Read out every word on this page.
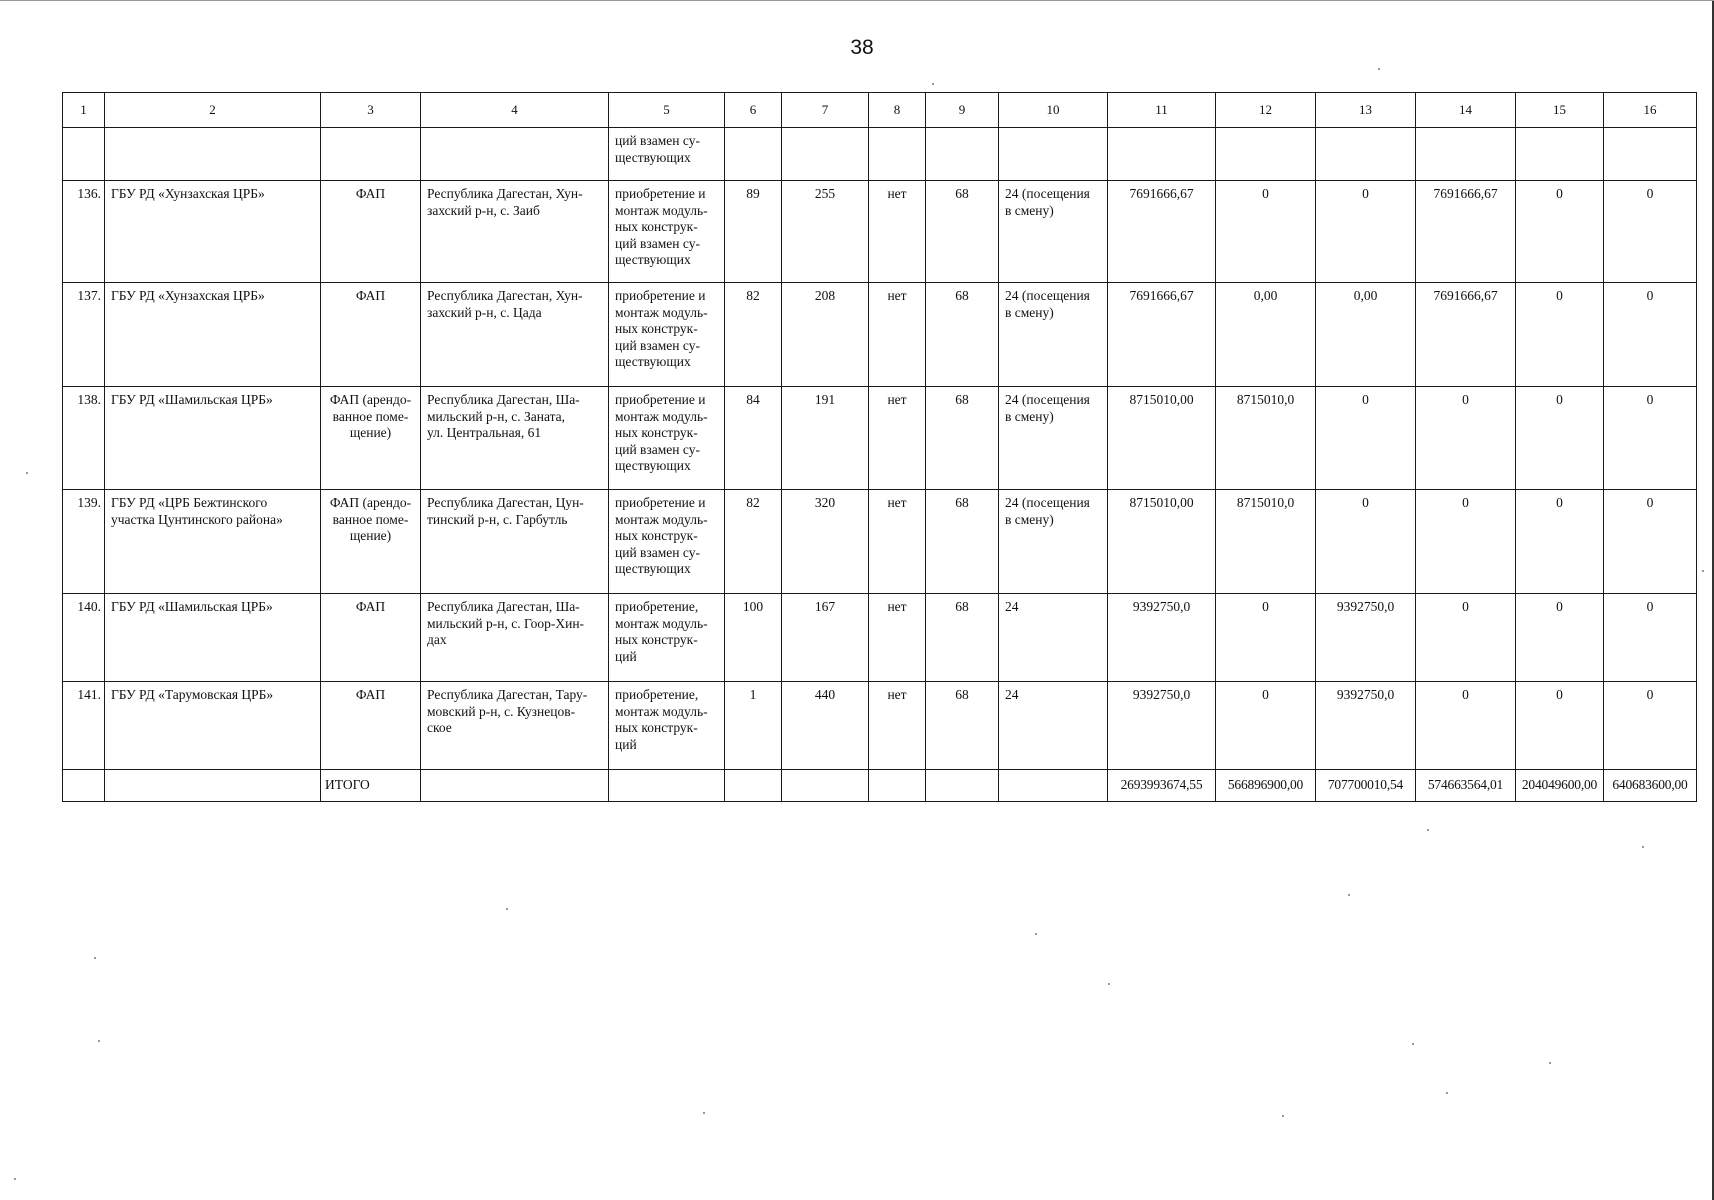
38
1	2	3	4	5	6	7	8	9	10	11	12	13	14	15	16
				ций взамен су-
ществующих											
136.	ГБУ РД «Хунзахская ЦРБ»	ФАП	Республика Дагестан, Хун-
захский р-н, с. Заиб	приобретение и
монтаж модуль-
ных конструк-
ций взамен су-
ществующих	89	255	нет	68	24 (посещения
в смену)	7691666,67	0	0	7691666,67	0	0
137.	ГБУ РД «Хунзахская ЦРБ»	ФАП	Республика Дагестан, Хун-
захский р-н, с. Цада	приобретение и
монтаж модуль-
ных конструк-
ций взамен су-
ществующих	82	208	нет	68	24 (посещения
в смену)	7691666,67	0,00	0,00	7691666,67	0	0
138.	ГБУ РД «Шамильская ЦРБ»	ФАП (арендо-
ванное поме-
щение)	Республика Дагестан, Ша-
мильский р-н, с. Заната,
ул. Центральная, 61	приобретение и
монтаж модуль-
ных конструк-
ций взамен су-
ществующих	84	191	нет	68	24 (посещения
в смену)	8715010,00	8715010,0	0	0	0	0
139.	ГБУ РД «ЦРБ Бежтинского
участка Цунтинского района»	ФАП (арендо-
ванное поме-
щение)	Республика Дагестан, Цун-
тинский р-н, с. Гарбутль	приобретение и
монтаж модуль-
ных конструк-
ций взамен су-
ществующих	82	320	нет	68	24 (посещения
в смену)	8715010,00	8715010,0	0	0	0	0
140.	ГБУ РД «Шамильская ЦРБ»	ФАП	Республика Дагестан, Ша-
мильский р-н, с. Гоор-Хин-
дах	приобретение,
монтаж модуль-
ных конструк-
ций	100	167	нет	68	24	9392750,0	0	9392750,0	0	0	0
141.	ГБУ РД «Тарумовская ЦРБ»	ФАП	Республика Дагестан, Тару-
мовский р-н, с. Кузнецов-
ское	приобретение,
монтаж модуль-
ных конструк-
ций	1	440	нет	68	24	9392750,0	0	9392750,0	0	0	0
		ИТОГО								2693993674,55	566896900,00	707700010,54	574663564,01	204049600,00	640683600,00
